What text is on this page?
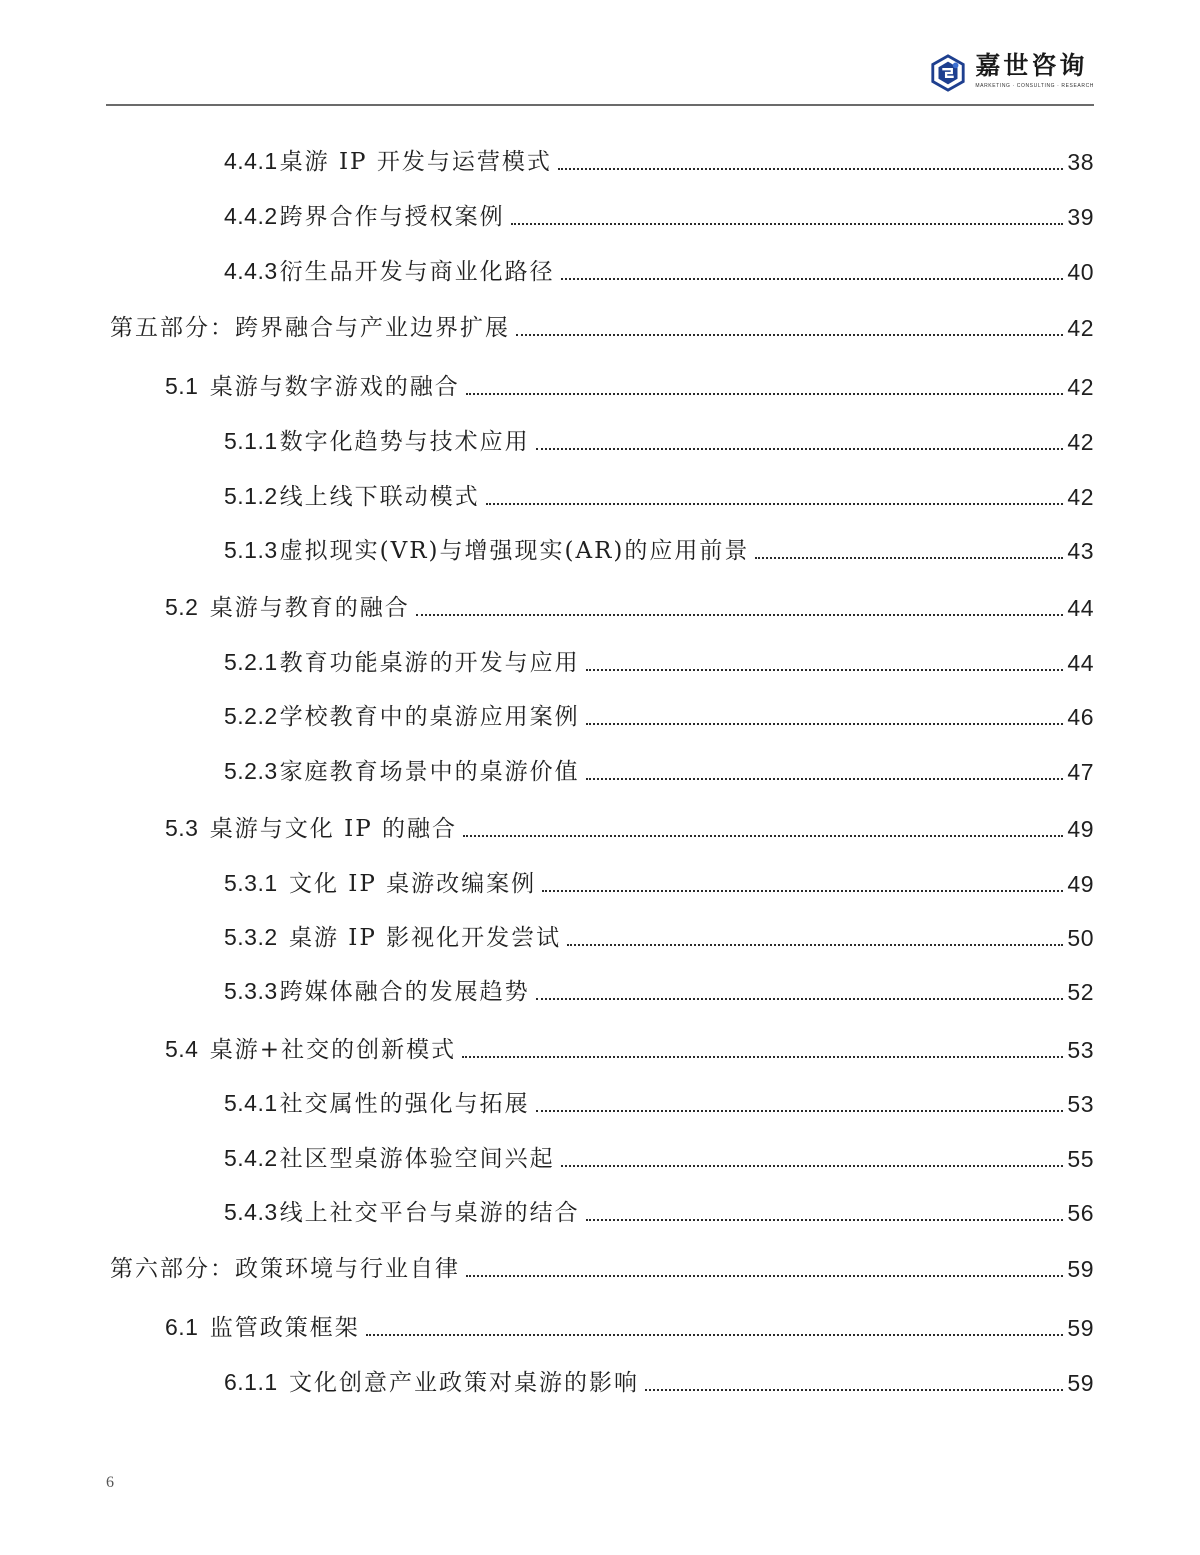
嘉世咨询
MARKETING · CONSULTING · RESEARCH
4.4.1桌游 IP 开发与运营模式	38
4.4.2跨界合作与授权案例	39
4.4.3衍生品开发与商业化路径	40
第五部分：跨界融合与产业边界扩展	42
5.1 桌游与数字游戏的融合	42
5.1.1数字化趋势与技术应用	42
5.1.2线上线下联动模式	42
5.1.3虚拟现实(VR)与增强现实(AR)的应用前景	43
5.2 桌游与教育的融合	44
5.2.1教育功能桌游的开发与应用	44
5.2.2学校教育中的桌游应用案例	46
5.2.3家庭教育场景中的桌游价值	47
5.3 桌游与文化 IP 的融合	49
5.3.1 文化 IP 桌游改编案例	49
5.3.2 桌游 IP 影视化开发尝试	50
5.3.3跨媒体融合的发展趋势	52
5.4 桌游+社交的创新模式	53
5.4.1社交属性的强化与拓展	53
5.4.2社区型桌游体验空间兴起	55
5.4.3线上社交平台与桌游的结合	56
第六部分：政策环境与行业自律	59
6.1 监管政策框架	59
6.1.1 文化创意产业政策对桌游的影响	59
6
